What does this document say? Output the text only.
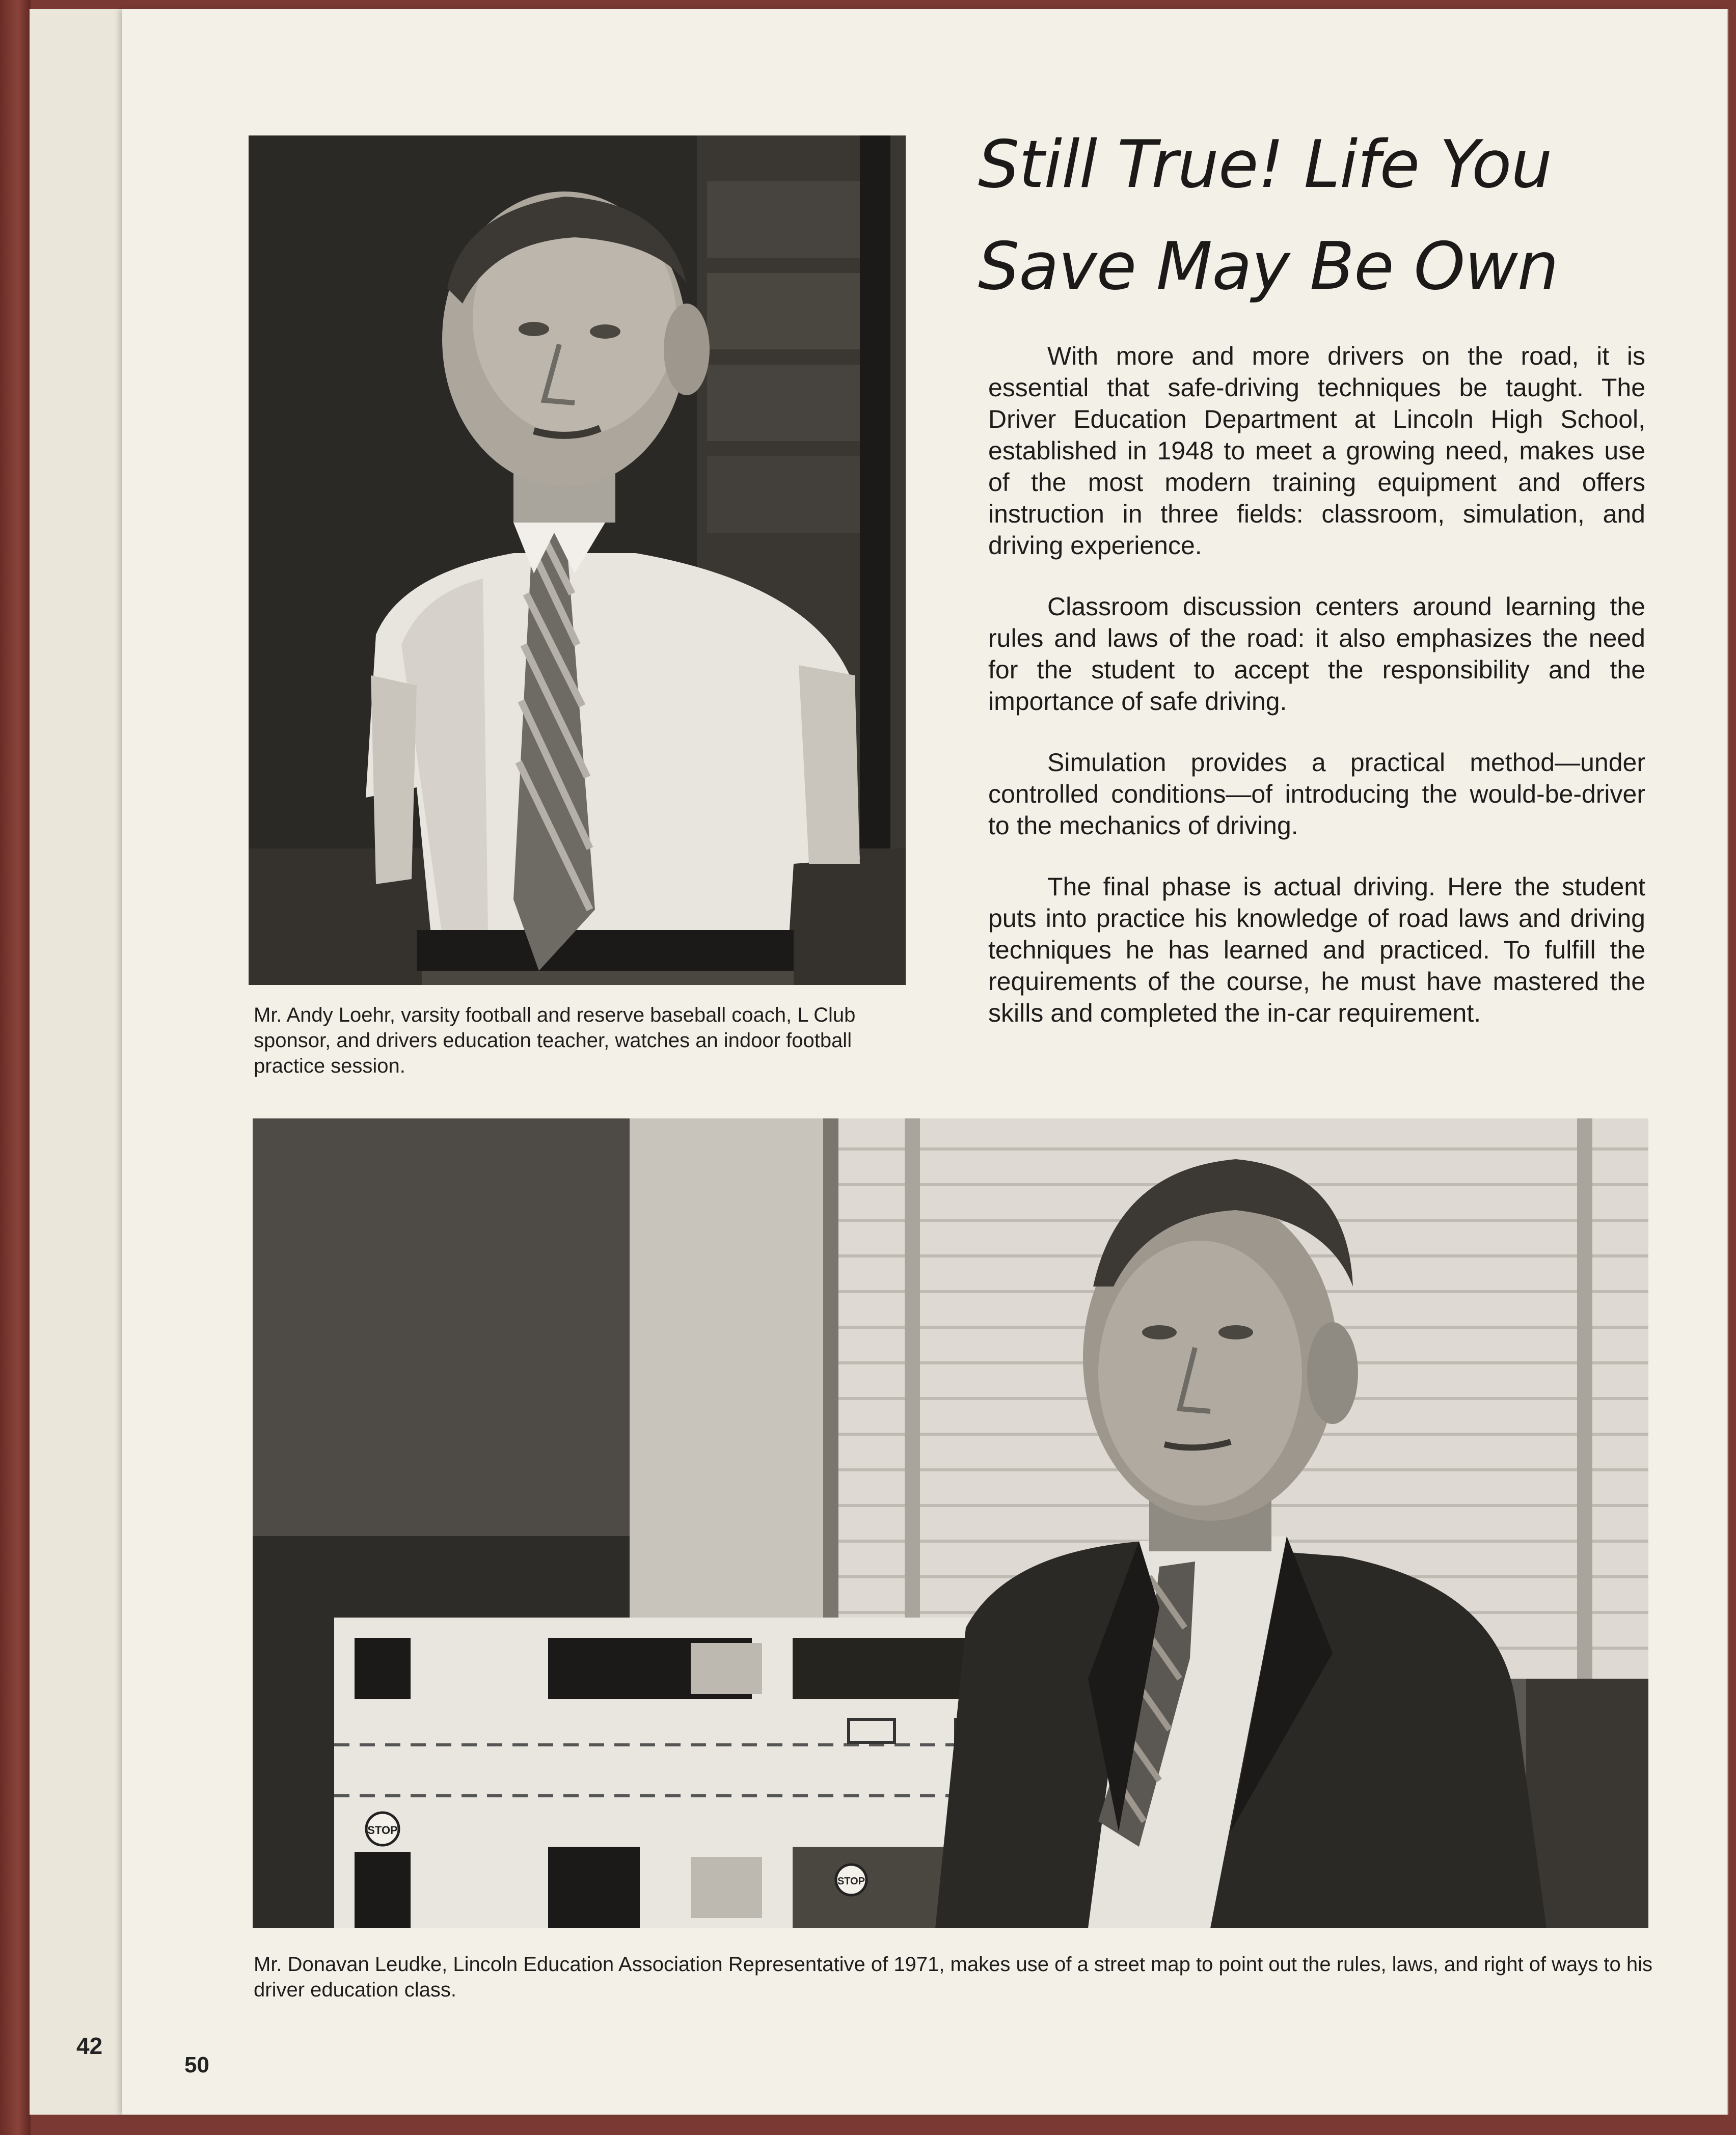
42
Mr. Andy Loehr, varsity football and reserve baseball coach, L Club sponsor, and drivers education teacher, watches an indoor football practice session.
Still True! Life You
Save May Be Own

With more and more drivers on the road, it is essential that safe-driving techniques be taught. The Driver Education Department at Lincoln High School, established in 1948 to meet a growing need, makes use of the most modern training equipment and offers instruction in three fields: classroom, simulation, and driving experience.

Classroom discussion centers around learning the rules and laws of the road: it also emphasizes the need for the student to accept the responsibility and the importance of safe driving.

Simulation provides a practical method—under controlled conditions—of introducing the would-be-driver to the mechanics of driving.

The final phase is actual driving. Here the student puts into practice his knowledge of road laws and driving techniques he has learned and practiced. To fulfill the requirements of the course, he must have mastered the skills and completed the in-car requirement.

STOP
STOP
Mr. Donavan Leudke, Lincoln Education Association Representative of 1971, makes use of a street map to point out the rules, laws, and right of ways to his driver education class.
50
